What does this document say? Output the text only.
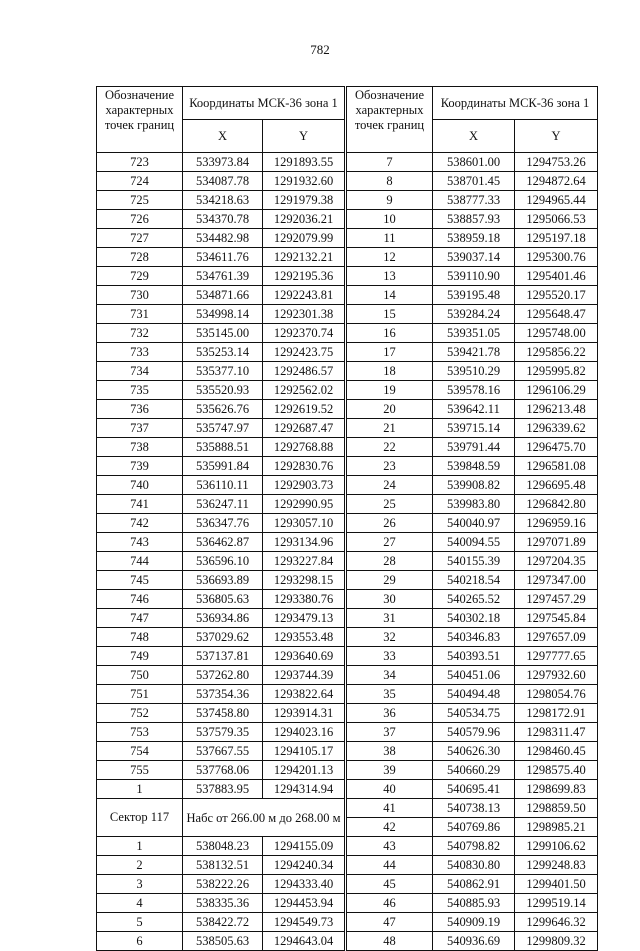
782
Обозначение характерных точек границ	Координаты МСК-36 зона 1	
	X	Y
723	533973.84	1291893.55
724	534087.78	1291932.60
725	534218.63	1291979.38
726	534370.78	1292036.21
727	534482.98	1292079.99
728	534611.76	1292132.21
729	534761.39	1292195.36
730	534871.66	1292243.81
731	534998.14	1292301.38
732	535145.00	1292370.74
733	535253.14	1292423.75
734	535377.10	1292486.57
735	535520.93	1292562.02
736	535626.76	1292619.52
737	535747.97	1292687.47
738	535888.51	1292768.88
739	535991.84	1292830.76
740	536110.11	1292903.73
741	536247.11	1292990.95
742	536347.76	1293057.10
743	536462.87	1293134.96
744	536596.10	1293227.84
745	536693.89	1293298.15
746	536805.63	1293380.76
747	536934.86	1293479.13
748	537029.62	1293553.48
749	537137.81	1293640.69
750	537262.80	1293744.39
751	537354.36	1293822.64
752	537458.80	1293914.31
753	537579.35	1294023.16
754	537667.55	1294105.17
755	537768.06	1294201.13
1	537883.95	1294314.94
Сектор 117	Набс от 266.00 м до 268.00 м	
1	538048.23	1294155.09
2	538132.51	1294240.34
3	538222.26	1294333.40
4	538335.36	1294453.94
5	538422.72	1294549.73
6	538505.63	1294643.04
Обозначение характерных точек границ	Координаты МСК-36 зона 1	
	X	Y
7	538601.00	1294753.26
8	538701.45	1294872.64
9	538777.33	1294965.44
10	538857.93	1295066.53
11	538959.18	1295197.18
12	539037.14	1295300.76
13	539110.90	1295401.46
14	539195.48	1295520.17
15	539284.24	1295648.47
16	539351.05	1295748.00
17	539421.78	1295856.22
18	539510.29	1295995.82
19	539578.16	1296106.29
20	539642.11	1296213.48
21	539715.14	1296339.62
22	539791.44	1296475.70
23	539848.59	1296581.08
24	539908.82	1296695.48
25	539983.80	1296842.80
26	540040.97	1296959.16
27	540094.55	1297071.89
28	540155.39	1297204.35
29	540218.54	1297347.00
30	540265.52	1297457.29
31	540302.18	1297545.84
32	540346.83	1297657.09
33	540393.51	1297777.65
34	540451.06	1297932.60
35	540494.48	1298054.76
36	540534.75	1298172.91
37	540579.96	1298311.47
38	540626.30	1298460.45
39	540660.29	1298575.40
40	540695.41	1298699.83
41	540738.13	1298859.50
42	540769.86	1298985.21
43	540798.82	1299106.62
44	540830.80	1299248.83
45	540862.91	1299401.50
46	540885.93	1299519.14
47	540909.19	1299646.32
48	540936.69	1299809.32
